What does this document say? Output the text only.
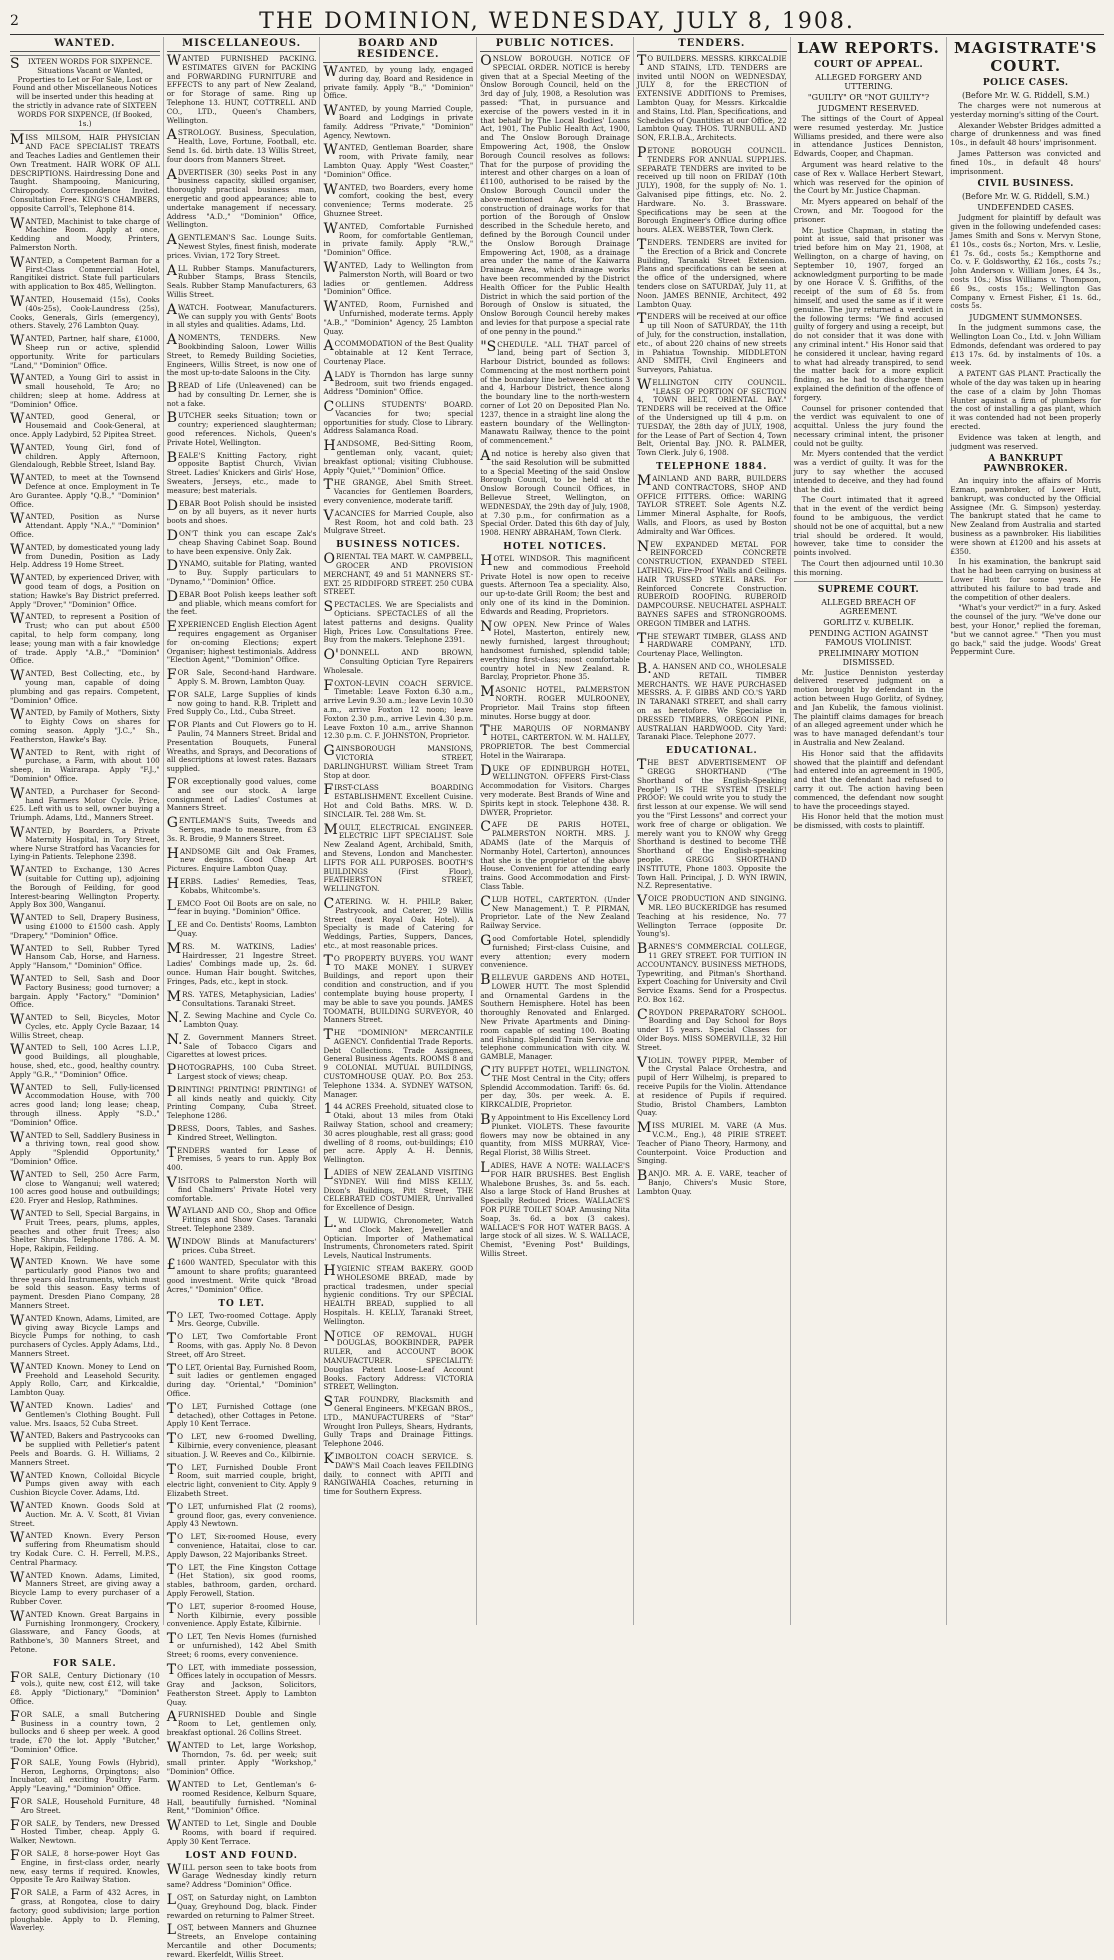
2	THE DOMINION, WEDNESDAY, JULY 8, 1908.
WANTED.
SIXTEEN WORDS FOR SIXPENCE. Situations Vacant or Wanted, Properties to Let or For Sale, Lost or Found and other Miscellaneous Notices will be inserted under this heading at the strictly in advance rate of SIXTEEN WORDS FOR SIXPENCE, (If Booked, 1s.)

MISS MILSOM, HAIR PHYSICIAN AND FACE SPECIALIST TREATS and Teaches Ladies and Gentlemen their Own Treatment. HAIR WORK OF ALL DESCRIPTIONS. Hairdressing Done and Taught. Shampooing, Manicuring, Chiropody. Correspondence Invited. Consultation Free. KING'S CHAMBERS, opposite Carroll's, Telephone 814.

WANTED, Machinist to take charge of Machine Room. Apply at once, Kedding and Moody, Printers, Palmerston North.

WANTED, a Competent Barman for a First-Class Commercial Hotel, Rangitikei district. State full particulars with application to Box 485, Wellington.

WANTED, Housemaid (15s), Cooks (40s-25s), Cook-Laundress (25s), Cooks, Generals, Girls (emergency), others. Stavely, 276 Lambton Quay.

WANTED, Partner, half share, £1000, Sheep run or active, splendid opportunity. Write for particulars "Land," "Dominion" Office.

WANTED, a Young Girl to assist in small household, Te Aro; no children; sleep at home. Address at "Dominion" Office.

WANTED, good General, or Housemaid and Cook-General, at once. Apply Ladybird, 52 Pipitea Street.

WANTED, Young Girl, fond of children. Apply Afternoon, Glendalough, Rebble Street, Island Bay.

WANTED, to meet at the Townsend Defence at once. Employment in Te Aro Gurantee. Apply "Q.B.," "Dominion" Office.

WANTED, Position as Nurse Attendant. Apply "N.A.," "Dominion" Office.

WANTED, by domesticated young lady from Dunedin, Position as Lady Help. Address 19 Home Street.

WANTED, by experienced Driver, with good team of dogs, a Position on station; Hawke's Bay District preferred. Apply "Drover," "Dominion" Office.

WANTED, to represent a Position of Trust; who can put about £500 capital, to help form company, long lease; young man with a fair knowledge of trade. Apply "A.B.," "Dominion" Office.

WANTED, Best Collecting, etc., by young man, capable of doing plumbing and gas repairs. Competent, "Dominion" Office.

WANTED, by Family of Mothers, Sixty to Eighty Cows on shares for coming season. Apply "J.C.," Sh., Featherston, Hawke's Bay.

WANTED to Rent, with right of purchase, a Farm, with about 100 sheep, in Wairarapa. Apply "F.J.," "Dominion" Office.

WANTED, a Purchaser for Second-hand Farmers Motor Cycle. Price, £25. Left with us to sell, owner buying a Triumph. Adams, Ltd., Manners Street.

WANTED, by Boarders, a Private Maternity Hospital, in Tory Street, where Nurse Stratford has Vacancies for Lying-in Patients. Telephone 2398.

WANTED to Exchange, 130 Acres (suitable for Cutting up), adjoining the Borough of Feilding, for good Interest-bearing Wellington Property. Apply Box 300, Wanganui.

WANTED to Sell, Drapery Business, using £1000 to £1500 cash. Apply "Drapery," "Dominion" Office.

WANTED to Sell, Rubber Tyred Hansom Cab, Horse, and Harness. Apply "Hansom," "Dominion" Office.

WANTED to Sell, Sash and Door Factory Business; good turnover; a bargain. Apply "Factory," "Dominion" Office.

WANTED to Sell, Bicycles, Motor Cycles, etc. Apply Cycle Bazaar, 14 Willis Street, cheap.

WANTED to Sell, 100 Acres L.I.P., good Buildings, all ploughable, house, shed, etc., good, healthy country. Apply "G.R.," "Dominion" Office.

WANTED to Sell, Fully-licensed Accommodation House, with 700 acres good land; long lease; cheap, through illness. Apply "S.D.," "Dominion" Office.

WANTED to Sell, Saddlery Business in a thriving town, real good show. Apply "Splendid Opportunity," "Dominion" Office.

WANTED to Sell, 250 Acre Farm, close to Wanganui; well watered; 100 acres good house and outbuildings; £20. Fryer and Heslop, Rathmines.

WANTED to Sell, Special Bargains, in Fruit Trees, pears, plums, apples, peaches and other fruit Trees; also Shelter Shrubs. Telephone 1786. A. M. Hope, Rakipin, Feilding.

WANTED Known. We have some particularly good Pianos two and three years old Instruments, which must be sold this season. Easy terms of payment. Dresden Piano Company, 28 Manners Street.

WANTED Known, Adams, Limited, are giving away Bicycle Lamps and Bicycle Pumps for nothing, to cash purchasers of Cycles. Apply Adams, Ltd., Manners Street.

WANTED Known. Money to Lend on Freehold and Leasehold Security. Apply Rollo, Carr, and Kirkcaldie, Lambton Quay.

WANTED Known. Ladies' and Gentlemen's Clothing Bought. Full value. Mrs. Isaacs, 52 Cuba Street.

WANTED, Bakers and Pastrycooks can be supplied with Pelletier's patent Peels and Boards. G. H. Williams, 2 Manners Street.

WANTED Known, Colloidal Bicycle Pumps given away with each Cushion Bicycle Cover. Adams, Ltd.

WANTED Known. Goods Sold at Auction. Mr. A. V. Scott, 81 Vivian Street.

WANTED Known. Every Person suffering from Rheumatism should try Kodak Cure. C. H. Ferrell, M.P.S., Central Pharmacy.

WANTED Known. Adams, Limited, Manners Street, are giving away a Bicycle Lamp to every purchaser of a Rubber Cover.

WANTED Known. Great Bargains in Furnishing Ironmongery, Crockery, Glassware, and Fancy Goods, at Rathbone's, 30 Manners Street, and Petone.

FOR SALE.

FOR SALE, Century Dictionary (10 vols.), quite new, cost £12, will take £8. Apply "Dictionary," "Dominion" Office.

FOR SALE, a small Butchering Business in a country town, 2 bullocks and 6 sheep per week. A good trade, £70 the lot. Apply "Butcher," "Dominion" Office.

FOR SALE, Young Fowls (Hybrid), Heron, Leghorns, Orpingtons; also Incubator, all exciting Poultry Farm. Apply "Leaving," "Dominion" Office.

FOR SALE, Household Furniture, 48 Aro Street.

FOR SALE, by Tenders, new Dressed Hosted Timber, cheap. Apply G. Walker, Newtown.

FOR SALE, 8 horse-power Hoyt Gas Engine, in first-class order, nearly new, easy terms if required. Knowles, Opposite Te Aro Railway Station.

FOR SALE, a Farm of 432 Acres, in grass, at Rongotea, close to dairy factory; good subdivision; large portion ploughable. Apply to D. Fleming, Waverley.

MISCELLANEOUS.

WANTED FURNISHED PACKING. ESTIMATES GIVEN for PACKING and FORWARDING FURNITURE and EFFECTS to any part of New Zealand, or for Storage of same. Ring up Telephone 13. HUNT, COTTRELL AND CO., LTD., Queen's Chambers, Wellington.

ASTROLOGY. Business, Speculation, Health, Love, Fortune, Football, etc. Send 1s. 6d. birth date. 13 Willis Street, four doors from Manners Street.

ADVERTISER (30) seeks Post in any business capacity, skilled organiser, thoroughly practical business man, energetic and good appearance; able to undertake management if necessary. Address "A.D.," "Dominion" Office, Wellington.

AGENTLEMAN'S Sac. Lounge Suits. Newest Styles, finest finish, moderate prices. Vivian, 172 Tory Street.

ALL Rubber Stamps. Manufacturers, Rubber Stamps, Brass Stencils, Seals. Rubber Stamp Manufacturers, 63 Willis Street.

AWATCH. Footwear, Manufacturers. We can supply you with Gents' Boots in all styles and qualities. Adams, Ltd.

ANOMENTS, TENDERS. New Bookbinding Saloon, Lower Willis Street, to Remedy Building Societies, Engineers, Willis Street, is now one of the most up-to-date Saloons in the City.

BREAD of Life (Unleavened) can be had by consulting Dr. Lerner, she is not a fake.

BUTCHER seeks Situation; town or country; experienced slaughterman; good references. Nichols, Queen's Private Hotel, Wellington.

BEALE'S Knitting Factory, right opposite Baptist Church, Vivian Street. Ladies' Knickers and Girls' Hose, Sweaters, Jerseys, etc., made to measure; best materials.

DEBAR Boot Polish should be insisted on by all buyers, as it never hurts boots and shoes.

DON'T think you can escape Zak's cheap Shaving Cabinet Soap. Bound to have been expensive. Only Zak.

DYNAMO, suitable for Plating, wanted to Buy. Supply particulars to "Dynamo," "Dominion" Office.

DEBAR Boot Polish keeps leather soft and pliable, which means comfort for the feet.

EXPERIENCED English Election Agent requires engagement as Organiser for on-coming Elections; expert Organiser; highest testimonials. Address "Election Agent," "Dominion" Office.

FOR Sale, Second-hand Hardware. Apply S. M. Brown, Lambton Quay.

FOR SALE, Large Supplies of kinds now going to hand. R.B. Triplett and Fred Supply Co., Ltd., Cuba Street.

FOR Plants and Cut Flowers go to H. Paulin, 74 Manners Street. Bridal and Presentation Bouquets, Funeral Wreaths, and Sprays, and Decorations of all descriptions at lowest rates. Bazaars supplied.

FOR exceptionally good values, come and see our stock. A large consignment of Ladies' Costumes at Manners Street.

GENTLEMAN'S Suits, Tweeds and Serges, made to measure, from £3 3s. R. Brodie, 9 Manners Street.

HANDSOME Gilt and Oak Frames, new designs. Good Cheap Art Pictures. Enquire Lambton Quay.

HERBS. Ladies' Remedies, Teas, Kobabs, Whitcombe's.

LEMCO Foot Oil Boots are on sale, no fear in buying. "Dominion" Office.

LEE and Co. Dentists' Rooms, Lambton Quay.

MRS. M. WATKINS, Ladies' Hairdresser, 21 Ingestre Street. Ladies' Combings made up, 2s. 6d. ounce. Human Hair bought. Switches, Fringes, Pads, etc., kept in stock.

MRS. YATES, Metaphysician, Ladies' Consultations. Taranaki Street.

N.Z. Sewing Machine and Cycle Co. Lambton Quay.

N.Z. Government Manners Street. Sale of Tobacco Cigars and Cigarettes at lowest prices.

PHOTOGRAPHS, 100 Cuba Street. Largest stock of views; cheap.

PRINTING! PRINTING! PRINTING! of all kinds neatly and quickly. City Printing Company, Cuba Street. Telephone 1286.

PRESS, Doors, Tables, and Sashes. Kindred Street, Wellington.

TENDERS wanted for Lease of Premises, 5 years to run. Apply Box 400.

VISITORS to Palmerston North will find Chalmers' Private Hotel very comfortable.

WAYLAND AND CO., Shop and Office Fittings and Show Cases. Taranaki Street. Telephone 2389.

WINDOW Blinds at Manufacturers' prices. Cuba Street.

£1600 WANTED, Speculator with this amount to share profits; guaranteed good investment. Write quick "Broad Acres," "Dominion" Office.

TO LET.

TO LET, Two-roomed Cottage. Apply Mrs. George, Cubville.

TO LET, Two Comfortable Front Rooms, with gas. Apply No. 8 Devon Street, off Aro Street.

TO LET, Oriental Bay, Furnished Room, suit ladies or gentlemen engaged during day. "Oriental," "Dominion" Office.

TO LET, Furnished Cottage (one detached), other Cottages in Petone. Apply 10 Kent Terrace.

TO LET, new 6-roomed Dwelling, Kilbirnie, every convenience, pleasant situation. J. W. Reeves and Co., Kilbirnie.

TO LET, Furnished Double Front Room, suit married couple, bright, electric light, convenient to City. Apply 9 Elizabeth Street.

TO LET, unfurnished Flat (2 rooms), ground floor, gas, every convenience. Apply 43 Newtown.

TO LET, Six-roomed House, every convenience, Hataitai, close to car. Apply Dawson, 22 Majoribanks Street.

TO LET, the Fine Kingston Cottage (Het Station), six good rooms, stables, bathroom, garden, orchard. Apply Ferowell, Station.

TO LET, superior 8-roomed House, North Kilbirnie, every possible convenience. Apply Estate, Kilbirnie.

TO LET, Ten Nevis Homes (furnished or unfurnished), 142 Abel Smith Street; 6 rooms, every convenience.

TO LET, with immediate possession, Offices lately in occupation of Messrs. Gray and Jackson, Solicitors, Featherston Street. Apply to Lambton Quay.

AFURNISHED Double and Single Room to Let, gentlemen only, breakfast optional. 26 Collins Street.

WANTED to Let, large Workshop, Thorndon, 7s. 6d. per week; suit small printer. Apply "Workshop," "Dominion" Office.

WANTED to Let, Gentleman's 6-roomed Residence, Kelburn Square, Hall, beautifully furnished. "Nominal Rent," "Dominion" Office.

WANTED to Let, Single and Double Rooms, with board if required. Apply 30 Kent Terrace.

LOST AND FOUND.

WILL person seen to take boots from Garage Wednesday kindly return same? Address "Dominion" Office.

LOST, on Saturday night, on Lambton Quay, Greyhound Dog, black. Finder rewarded on returning to Palmer Street.

LOST, between Manners and Ghuznee Streets, an Envelope containing Mercantile and other Documents; reward. Ekerfeldt, Willis Street.

BOARD AND RESIDENCE.

WANTED, by young lady, engaged during day, Board and Residence in private family. Apply "B.," "Dominion" Office.

WANTED, by young Married Couple, Board and Lodgings in private family. Address "Private," "Dominion" Agency, Newtown.

WANTED, Gentleman Boarder, share room, with Private family, near Lambton Quay. Apply "West Coaster," "Dominion" Office.

WANTED, two Boarders, every home comfort, cooking the best, every convenience; Terms moderate. 25 Ghuznee Street.

WANTED, Comfortable Furnished Room, for comfortable Gentleman, in private family. Apply "R.W.," "Dominion" Office.

WANTED, Lady to Wellington from Palmerston North, will Board or two ladies or gentlemen. Address "Dominion" Office.

WANTED, Room, Furnished and Unfurnished, moderate terms. Apply "A.B.," "Dominion" Agency, 25 Lambton Quay.

ACCOMMODATION of the Best Quality obtainable at 12 Kent Terrace, Courtenay Place.

ALADY is Thorndon has large sunny Bedroom, suit two friends engaged. Address "Dominion" Office.

COLLINS STUDENTS' BOARD. Vacancies for two; special opportunities for study. Close to Library. Address Salamanca Road.

HANDSOME, Bed-Sitting Room, gentleman only, vacant, quiet; breakfast optional; visiting Clubhouse. Apply "Quiet," "Dominion" Office.

THE GRANGE, Abel Smith Street. Vacancies for Gentlemen Boarders, every convenience, moderate tariff.

VACANCIES for Married Couple, also Rest Room, hot and cold bath. 23 Mulgrave Street.

BUSINESS NOTICES.

ORIENTAL TEA MART. W. CAMPBELL, GROCER AND PROVISION MERCHANT, 49 and 51 MANNERS ST.-EXT. 25 RIDDIFORD STREET. 250 CUBA STREET.

SPECTACLES. We are Specialists and Opticians. SPECTACLES of all the latest patterns and designs. Quality High, Prices Low. Consultations Free. Buy from the makers. Telephone 2391.

O'DONNELL AND BROWN, Consulting Optician Tyre Repairers Wholesale.

FOXTON-LEVIN COACH SERVICE. Timetable: Leave Foxton 6.30 a.m., arrive Levin 9.30 a.m.; leave Levin 10.30 a.m., arrive Foxton 12 noon; leave Foxton 2.30 p.m., arrive Levin 4.30 p.m. Leave Foxton 10 a.m., arrive Shannon 12.30 p.m. C. F. JOHNSTON, Proprietor.

GAINSBOROUGH MANSIONS, VICTORIA STREET, DARLINGHURST. William Street Tram Stop at door.

FIRST-CLASS BOARDING ESTABLISHMENT. Excellent Cuisine. Hot and Cold Baths. MRS. W. D. SINCLAIR. Tel. 288 Wm. St.

MOULT, ELECTRICAL ENGINEER. ELECTRIC LIFT SPECIALIST. Sole New Zealand Agent, Archibald, Smith, and Stevens, London and Manchester. LIFTS FOR ALL PURPOSES. BOOTH'S BUILDINGS (First Floor), FEATHERSTON STREET, WELLINGTON.

CATERING. W. H. PHILP, Baker, Pastrycook, and Caterer, 29 Willis Street (next Royal Oak Hotel). A Specialty is made of Catering for Weddings, Parties, Suppers, Dances, etc., at most reasonable prices.

TO PROPERTY BUYERS. YOU WANT TO MAKE MONEY. I SURVEY Buildings, and report upon their condition and construction, and if you contemplate buying house property, I may be able to save you pounds. JAMES TOOMATH, BUILDING SURVEYOR, 40 Manners Street.

THE "DOMINION" MERCANTILE AGENCY. Confidential Trade Reports. Debt Collections. Trade Assignees, General Business Agents. ROOMS 8 and 9 COLONIAL MUTUAL BUILDINGS, CUSTOMHOUSE QUAY. P.O. Box 253. Telephone 1334. A. SYDNEY WATSON, Manager.

144 ACRES Freehold, situated close to Otaki, about 13 miles from Otaki Railway Station, school and creamery; 30 acres ploughable, rest all grass; good dwelling of 8 rooms, out-buildings; £10 per acre. Apply A. H. Dennis, Wellington.

LADIES of NEW ZEALAND VISITING SYDNEY. Will find MISS KELLY, Dixon's Buildings, Pitt Street, THE CELEBRATED COSTUMIER, Unrivalled for Excellence of Design.

L.W. LUDWIG, Chronometer, Watch and Clock Maker, Jeweller and Optician. Importer of Mathematical Instruments, Chronometers rated. Spirit Levels, Nautical Instruments.

HYGIENIC STEAM BAKERY. GOOD WHOLESOME BREAD, made by practical tradesmen, under special hygienic conditions. Try our SPECIAL HEALTH BREAD, supplied to all Hospitals. H. KELLY, Taranaki Street, Wellington.

NOTICE OF REMOVAL. HUGH DOUGLAS, BOOKBINDER, PAPER RULER, and ACCOUNT BOOK MANUFACTURER. SPECIALITY: Douglas Patent Loose-Leaf Account Books. Factory Address: VICTORIA STREET, Wellington.

STAR FOUNDRY, Blacksmith and General Engineers. M'KEGAN BROS., LTD., MANUFACTURERS of "Star" Wrought Iron Pulleys, Shears, Hydrants, Gully Traps and Drainage Fittings. Telephone 2046.

KIMBOLTON COACH SERVICE. S. DAW'S Mail Coach leaves FEILDING daily, to connect with APITI and RANGIWAHIA Coaches, returning in time for Southern Express.

PUBLIC NOTICES.

ONSLOW BOROUGH. NOTICE OF SPECIAL ORDER. NOTICE is hereby given that at a Special Meeting of the Onslow Borough Council, held on the 3rd day of July, 1908, a Resolution was passed: "That, in pursuance and exercise of the powers vested in it in that behalf by The Local Bodies' Loans Act, 1901, The Public Health Act, 1900, and The Onslow Borough Drainage Empowering Act, 1908, the Onslow Borough Council resolves as follows: That for the purpose of providing the interest and other charges on a loan of £1100, authorised to be raised by the Onslow Borough Council under the above-mentioned Acts, for the construction of drainage works for that portion of the Borough of Onslow described in the Schedule hereto, and defined by the Borough Council under the Onslow Borough Drainage Empowering Act, 1908, as a drainage area under the name of the Kaiwarra Drainage Area, which drainage works have been recommended by the District Health Officer for the Public Health District in which the said portion of the Borough of Onslow is situated, the Onslow Borough Council hereby makes and levies for that purpose a special rate of one penny in the pound."

"SCHEDULE. "ALL THAT parcel of land, being part of Section 3, Harbour District, bounded as follows: Commencing at the most northern point of the boundary line between Sections 3 and 4, Harbour District, thence along the boundary line to the north-western corner of Lot 20 on Deposited Plan No. 1237, thence in a straight line along the eastern boundary of the Wellington-Manawatu Railway, thence to the point of commencement."

And notice is hereby also given that the said Resolution will be submitted to a Special Meeting of the said Onslow Borough Council, to be held at the Onslow Borough Council Offices, in Bellevue Street, Wellington, on WEDNESDAY, the 29th day of July, 1908, at 7.30 p.m., for confirmation as a Special Order. Dated this 6th day of July, 1908. HENRY ABRAHAM, Town Clerk.

HOTEL NOTICES.

HOTEL WINDSOR. This magnificent new and commodious Freehold Private Hotel is now open to receive guests. Afternoon Tea a speciality. Also, our up-to-date Grill Room; the best and only one of its kind in the Dominion. Edwards and Reading, Proprietors.

NOW OPEN. New Prince of Wales Hotel, Masterton, entirely new, newly furnished, largest throughout; handsomest furnished, splendid table; everything first-class; most comfortable country hotel in New Zealand. R. Barclay, Proprietor. Phone 35.

MASONIC HOTEL, PALMERSTON NORTH. ROGER MULROONEY, Proprietor. Mail Trains stop fifteen minutes. Horse buggy at door.

THE MARQUIS OF NORMANBY HOTEL, CARTERTON. W. M. HALLEY, PROPRIETOR. The best Commercial Hotel in the Wairarapa.

DUKE OF EDINBURGH HOTEL, WELLINGTON. OFFERS First-Class Accommodation for Visitors. Charges very moderate. Best Brands of Wine and Spirits kept in stock. Telephone 438. R. DWYER, Proprietor.

CAFE DE PARIS HOTEL, PALMERSTON NORTH. MRS. J. ADAMS (late of the Marquis of Normanby Hotel, Carterton), announces that she is the proprietor of the above House. Convenient for attending early trains. Good Accommodation and First-Class Table.

CLUB HOTEL, CARTERTON. (Under New Management.) T. P. PIRMAN, Proprietor. Late of the New Zealand Railway Service.

Good Comfortable Hotel, splendidly furnished; First-class Cuisine, and every attention; every modern convenience.

BELLEVUE GARDENS AND HOTEL, LOWER HUTT. The most Splendid and Ornamental Gardens in the Southern Hemisphere. Hotel has been thoroughly Renovated and Enlarged. New Private Apartments and Dining-room capable of seating 100. Boating and Fishing. Splendid Train Service and telephone communication with city. W. GAMBLE, Manager.

CITY BUFFET HOTEL, WELLINGTON. THE Most Central in the City; offers Splendid Accommodation. Tariff: 6s. 6d. per day, 30s. per week. A. E. KIRKCALDIE, Proprietor.

By Appointment to His Excellency Lord Plunket. VIOLETS. These favourite flowers may now be obtained in any quantity, from MISS MURRAY, Vice-Regal Florist, 38 Willis Street.

LADIES, HAVE A NOTE: WALLACE'S FOR HAIR BRUSHES. Best English Whalebone Brushes, 3s. and 5s. each. Also a large Stock of Hand Brushes at Specially Reduced Prices. WALLACE'S FOR PURE TOILET SOAP. Amusing Nita Soap, 3s. 6d. a box (3 cakes). WALLACE'S FOR HOT WATER BAGS. A large stock of all sizes. W. S. WALLACE, Chemist, "Evening Post" Buildings, Willis Street.

TENDERS.

TO BUILDERS. MESSRS. KIRKCALDIE AND STAINS, LTD. TENDERS are invited until NOON on WEDNESDAY, JULY 8, for the ERECTION of EXTENSIVE ADDITIONS to Premises, Lambton Quay, for Messrs. Kirkcaldie and Stains, Ltd. Plan, Specifications, and Schedules of Quantities at our Office, 22 Lambton Quay. THOS. TURNBULL AND SON, F.R.I.B.A., Architects.

PETONE BOROUGH COUNCIL. TENDERS FOR ANNUAL SUPPLIES. SEPARATE TENDERS are invited to be received up till noon on FRIDAY (10th JULY), 1908, for the supply of: No. 1. Galvanised pipe fittings, etc. No. 2. Hardware. No. 3. Brassware. Specifications may be seen at the Borough Engineer's Office during office hours. ALEX. WEBSTER, Town Clerk.

TENDERS. TENDERS are invited for the Erection of a Brick and Concrete Building, Taranaki Street Extension. Plans and specifications can be seen at the office of the undersigned, where tenders close on SATURDAY, July 11, at Noon. JAMES BENNIE, Architect, 492 Lambton Quay.

TENDERS will be received at our office up till Noon of SATURDAY, the 11th of July, for the construction, installation, etc., of about 220 chains of new streets in Pahiatua Township. MIDDLETON AND SMITH, Civil Engineers and Surveyors, Pahiatua.

WELLINGTON CITY COUNCIL. "LEASE OF PORTION OF SECTION 4, TOWN BELT, ORIENTAL BAY." TENDERS will be received at the Office of the Undersigned up till 4 p.m. on TUESDAY, the 28th day of JULY, 1908, for the Lease of Part of Section 4, Town Belt, Oriental Bay. JNO. R. PALMER, Town Clerk. July 6, 1908.

TELEPHONE 1884.

MAINLAND AND BARR, BUILDERS AND CONTRACTORS, SHOP AND OFFICE FITTERS. Office: WARING TAYLOR STREET. Sole Agents N.Z. Limmer Mineral Asphalte, for Roofs, Walls, and Floors, as used by Boston Admiralty and War Offices.

NEW EXPANDED METAL FOR REINFORCED CONCRETE CONSTRUCTION, EXPANDED STEEL LATHING, Fire-Proof Walls and Ceilings. HAIR TRUSSED STEEL BARS. For Reinforced Concrete Construction. RUBEROID ROOFING. RUBEROID DAMPCOURSE. NEUCHATEL ASPHALT. BAYNES SAFES and STRONGROOMS. OREGON TIMBER and LATHS.

THE STEWART TIMBER, GLASS AND HARDWARE COMPANY, LTD. Courtenay Place, Wellington.

B.A. HANSEN AND CO., WHOLESALE AND RETAIL TIMBER MERCHANTS. WE HAVE PURCHASED MESSRS. A. F. GIBBS AND CO.'S YARD IN TARANAKI STREET, and shall carry on as heretofore. We Specialise in DRESSED TIMBERS, OREGON PINE, AUSTRALIAN HARDWOOD. City Yard: Taranaki Place. Telephone 2077.

EDUCATIONAL.

THE BEST ADVERTISEMENT OF GREGG SHORTHAND ("The Shorthand of the English-Speaking People") IS THE SYSTEM ITSELF! PROOF: We could write you to study the first lesson at our expense. We will send you the "First Lessons" and correct your work free of charge or obligation. We merely want you to KNOW why Gregg Shorthand is destined to become THE Shorthand of the English-speaking people. GREGG SHORTHAND INSTITUTE, Phone 1803. Opposite the Town Hall. Principal, J. D. WYN IRWIN, N.Z. Representative.

VOICE PRODUCTION AND SINGING. MR. LEO BUCKERIDGE has resumed Teaching at his residence, No. 77 Wellington Terrace (opposite Dr. Young's).

BARNES'S COMMERCIAL COLLEGE, 11 GREY STREET. FOR TUITION IN ACCOUNTANCY. BUSINESS METHODS, Typewriting, and Pitman's Shorthand. Expert Coaching for University and Civil Service Exams. Send for a Prospectus. P.O. Box 162.

CROYDON PREPARATORY SCHOOL. Boarding and Day School for Boys under 15 years. Special Classes for Older Boys. MISS SOMERVILLE, 32 Hill Street.

VIOLIN. TOWEY PIPER, Member of the Crystal Palace Orchestra, and pupil of Herr Wilhelmj, is prepared to receive Pupils for the Violin. Attendance at residence of Pupils if required. Studio, Bristol Chambers, Lambton Quay.

MISS MURIEL M. VARE (A Mus. V.C.M., Eng.), 48 PIRIE STREET. Teacher of Piano Theory, Harmony, and Counterpoint. Voice Production and Singing.

BANJO. MR. A. E. VARE, teacher of Banjo, Chivers's Music Store, Lambton Quay.

LAW REPORTS.
COURT OF APPEAL.
ALLEGED FORGERY AND UTTERING.
"GUILTY" OR "NOT GUILTY"?
JUDGMENT RESERVED.

The sittings of the Court of Appeal were resumed yesterday. Mr. Justice Williams presided, and there were also in attendance Justices Denniston, Edwards, Cooper, and Chapman.

Argument was heard relative to the case of Rex v. Wallace Herbert Stewart, which was reserved for the opinion of the Court by Mr. Justice Chapman.

Mr. Myers appeared on behalf of the Crown, and Mr. Toogood for the prisoner.

Mr. Justice Chapman, in stating the point at issue, said that prisoner was tried before him on May 21, 1908, at Wellington, on a charge of having, on September 10, 1907, forged an acknowledgment purporting to be made by one Horace V. S. Griffiths, of the receipt of the sum of £8 5s. from himself, and used the same as if it were genuine. The jury returned a verdict in the following terms: "We find accused guilty of forgery and using a receipt, but do not consider that it was done with any criminal intent." His Honor said that he considered it unclear, having regard to what had already transpired, to send the matter back for a more explicit finding, as he had to discharge them explained the definition of the offence of forgery.

Counsel for prisoner contended that the verdict was equivalent to one of acquittal. Unless the jury found the necessary criminal intent, the prisoner could not be guilty.

Mr. Myers contended that the verdict was a verdict of guilty. It was for the jury to say whether the accused intended to deceive, and they had found that he did.

The Court intimated that it agreed that in the event of the verdict being found to be ambiguous, the verdict should not be one of acquittal, but a new trial should be ordered. It would, however, take time to consider the points involved.

The Court then adjourned until 10.30 this morning.

SUPREME COURT.
ALLEGED BREACH OF AGREEMENT.
GORLITZ v. KUBELIK.
PENDING ACTION AGAINST FAMOUS VIOLINIST.
PRELIMINARY MOTION DISMISSED.

Mr. Justice Denniston yesterday delivered reserved judgment on a motion brought by defendant in the action between Hugo Gorlitz, of Sydney, and Jan Kubelik, the famous violinist. The plaintiff claims damages for breach of an alleged agreement under which he was to have managed defendant's tour in Australia and New Zealand.

His Honor said that the affidavits showed that the plaintiff and defendant had entered into an agreement in 1905, and that the defendant had refused to carry it out. The action having been commenced, the defendant now sought to have the proceedings stayed.

His Honor held that the motion must be dismissed, with costs to plaintiff.

MAGISTRATE'S COURT.
POLICE CASES.
(Before Mr. W. G. Riddell, S.M.)

The charges were not numerous at yesterday morning's sitting of the Court.

Alexander Webster Bridges admitted a charge of drunkenness and was fined 10s., in default 48 hours' imprisonment.

James Patterson was convicted and fined 10s., in default 48 hours' imprisonment.

CIVIL BUSINESS.
(Before Mr. W. G. Riddell, S.M.)
UNDEFENDED CASES.

Judgment for plaintiff by default was given in the following undefended cases: James Smith and Sons v. Mervyn Stone, £1 10s., costs 6s.; Norton, Mrs. v. Leslie, £1 7s. 6d., costs 5s.; Kempthorne and Co. v. F. Goldsworthy, £2 16s., costs 7s.; John Anderson v. William Jones, £4 3s., costs 10s.; Miss Williams v. Thompson, £6 9s., costs 15s.; Wellington Gas Company v. Ernest Fisher, £1 1s. 6d., costs 5s.

JUDGMENT SUMMONSES.

In the judgment summons case, the Wellington Loan Co., Ltd. v. John William Edmonds, defendant was ordered to pay £13 17s. 6d. by instalments of 10s. a week.

A PATENT GAS PLANT. Practically the whole of the day was taken up in hearing the case of a claim by John Thomas Hunter against a firm of plumbers for the cost of installing a gas plant, which it was contended had not been properly erected.

Evidence was taken at length, and judgment was reserved.

A BANKRUPT PAWNBROKER.

An inquiry into the affairs of Morris Ezman, pawnbroker, of Lower Hutt, bankrupt, was conducted by the Official Assignee (Mr. G. Simpson) yesterday. The bankrupt stated that he came to New Zealand from Australia and started business as a pawnbroker. His liabilities were shown at £1200 and his assets at £350.

In his examination, the bankrupt said that he had been carrying on business at Lower Hutt for some years. He attributed his failure to bad trade and the competition of other dealers.

"What's your verdict?" in a fury. Asked the counsel of the jury. "We've done our best, your Honor," replied the foreman, "but we cannot agree." "Then you must go back," said the judge. Woods' Great Peppermint Cure.
